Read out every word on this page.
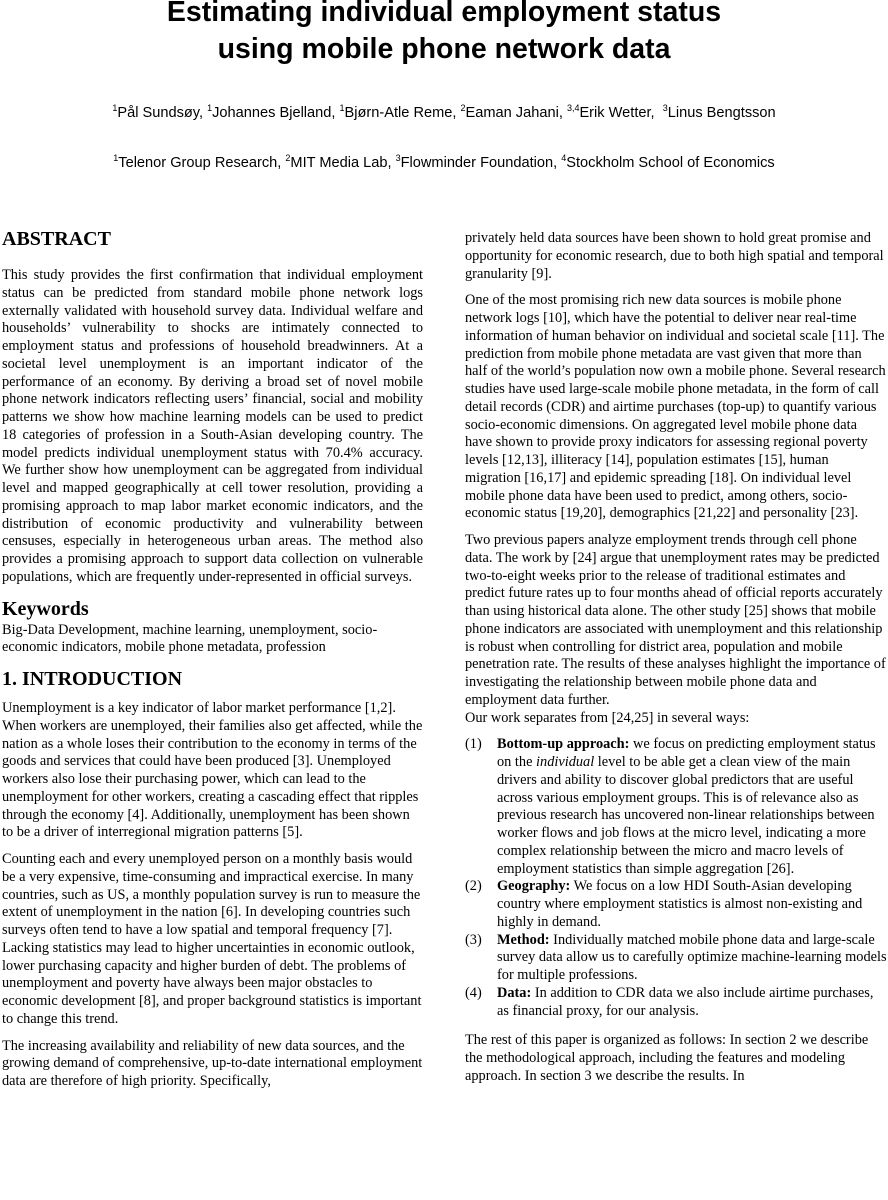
Estimating individual employment status
using mobile phone network data
$^1$Pål Sundsøy, $^1$Johannes Bjelland, $^1$Bjørn-Atle Reme, $^2$Eaman Jahani, $^{3,4}$Erik Wetter,  $^3$Linus Bengtsson
$^1$Telenor Group Research, $^2$MIT Media Lab, $^3$Flowminder Foundation, $^4$Stockholm School of Economics
ABSTRACT

This study provides the first confirmation that individual employment status can be predicted from standard mobile phone network logs externally validated with household survey data. Individual welfare and households’ vulnerability to shocks are intimately connected to employment status and professions of household breadwinners. At a societal level unemployment is an important indicator of the performance of an economy. By deriving a broad set of novel mobile phone network indicators reflecting users’ financial, social and mobility patterns we show how machine learning models can be used to predict 18 categories of profession in a South-Asian developing country. The model predicts individual unemployment status with 70.4% accuracy. We further show how unemployment can be aggregated from individual level and mapped geographically at cell tower resolution, providing a promising approach to map labor market economic indicators, and the distribution of economic productivity and vulnerability between censuses, especially in heterogeneous urban areas. The method also provides a promising approach to support data collection on vulnerable populations, which are frequently under-represented in official surveys.

Keywords

Big-Data Development, machine learning, unemployment, socio-economic indicators, mobile phone metadata, profession

1. INTRODUCTION

Unemployment is a key indicator of labor market performance [1,2]. When workers are unemployed, their families also get affected, while the nation as a whole loses their contribution to the economy in terms of the goods and services that could have been produced [3]. Unemployed workers also lose their purchasing power, which can lead to the unemployment for other workers, creating a cascading effect that ripples through the economy [4]. Additionally, unemployment has been shown to be a driver of interregional migration patterns [5].

Counting each and every unemployed person on a monthly basis would be a very expensive, time-consuming and impractical exercise. In many countries, such as US, a monthly population survey is run to measure the extent of unemployment in the nation [6]. In developing countries such surveys often tend to have a low spatial and temporal frequency [7]. Lacking statistics may lead to higher uncertainties in economic outlook, lower purchasing capacity and higher burden of debt. The problems of unemployment and poverty have always been major obstacles to economic development [8], and proper background statistics is important to change this trend.

The increasing availability and reliability of new data sources, and the growing demand of comprehensive, up-to-date international employment data are therefore of high priority. Specifically,

privately held data sources have been shown to hold great promise and opportunity for economic research, due to both high spatial and temporal granularity [9].

One of the most promising rich new data sources is mobile phone network logs [10], which have the potential to deliver near real-time information of human behavior on individual and societal scale [11]. The prediction from mobile phone metadata are vast given that more than half of the world’s population now own a mobile phone. Several research studies have used large-scale mobile phone metadata, in the form of call detail records (CDR) and airtime purchases (top-up) to quantify various socio-economic dimensions. On aggregated level mobile phone data have shown to provide proxy indicators for assessing regional poverty levels [12,13], illiteracy [14], population estimates [15], human migration [16,17] and epidemic spreading [18]. On individual level mobile phone data have been used to predict, among others, socio-economic status [19,20], demographics [21,22] and personality [23].

Two previous papers analyze employment trends through cell phone data. The work by [24] argue that unemployment rates may be predicted two-to-eight weeks prior to the release of traditional estimates and predict future rates up to four months ahead of official reports accurately than using historical data alone. The other study [25] shows that mobile phone indicators are associated with unemployment and this relationship is robust when controlling for district area, population and mobile penetration rate. The results of these analyses highlight the importance of investigating the relationship between mobile phone data and employment data further.

Our work separates from [24,25] in several ways:

(1) Bottom-up approach: we focus on predicting employment status on the individual level to be able get a clean view of the main drivers and ability to discover global predictors that are useful across various employment groups. This is of relevance also as previous research has uncovered non-linear relationships between worker flows and job flows at the micro level, indicating a more complex relationship between the micro and macro levels of employment statistics than simple aggregation [26].
(2) Geography: We focus on a low HDI South-Asian developing country where employment statistics is almost non-existing and highly in demand.
(3) Method: Individually matched mobile phone data and large-scale survey data allow us to carefully optimize machine-learning models for multiple professions.
(4) Data: In addition to CDR data we also include airtime purchases, as financial proxy, for our analysis.

The rest of this paper is organized as follows: In section 2 we describe the methodological approach, including the features and modeling approach. In section 3 we describe the results. In
